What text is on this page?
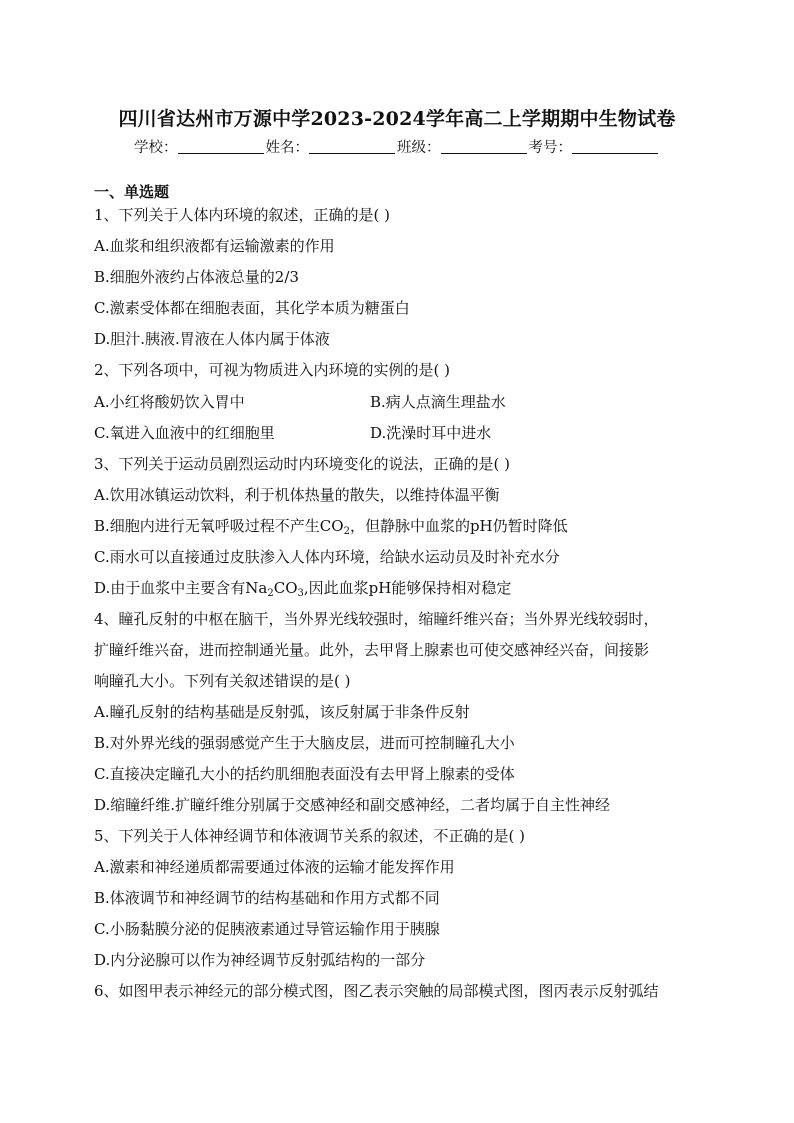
四川省达州市万源中学2023-2024学年高二上学期期中生物试卷
学校：	姓名：	班级：	考号：
一、单选题
1、下列关于人体内环境的叙述，正确的是( )
A.血浆和组织液都有运输激素的作用
B.细胞外液约占体液总量的2/3
C.激素受体都在细胞表面，其化学本质为糖蛋白
D.胆汁.胰液.胃液在人体内属于体液
2、下列各项中，可视为物质进入内环境的实例的是( )
A.小红将酸奶饮入胃中	B.病人点滴生理盐水
C.氧进入血液中的红细胞里	D.洗澡时耳中进水
3、下列关于运动员剧烈运动时内环境变化的说法，正确的是( )
A.饮用冰镇运动饮料，利于机体热量的散失，以维持体温平衡
B.细胞内进行无氧呼吸过程不产生$CO_2$，但静脉中血浆的pH仍暂时降低
C.雨水可以直接通过皮肤渗入人体内环境，给缺水运动员及时补充水分
D.由于血浆中主要含有$Na_2CO_3$,因此血浆pH能够保持相对稳定
4、瞳孔反射的中枢在脑干，当外界光线较强时，缩瞳纤维兴奋；当外界光线较弱时，
扩瞳纤维兴奋，进而控制通光量。此外，去甲肾上腺素也可使交感神经兴奋，间接影
响瞳孔大小。下列有关叙述错误的是( )
A.瞳孔反射的结构基础是反射弧，该反射属于非条件反射
B.对外界光线的强弱感觉产生于大脑皮层，进而可控制瞳孔大小
C.直接决定瞳孔大小的括约肌细胞表面没有去甲肾上腺素的受体
D.缩瞳纤维.扩瞳纤维分别属于交感神经和副交感神经，二者均属于自主性神经
5、下列关于人体神经调节和体液调节关系的叙述，不正确的是( )
A.激素和神经递质都需要通过体液的运输才能发挥作用
B.体液调节和神经调节的结构基础和作用方式都不同
C.小肠黏膜分泌的促胰液素通过导管运输作用于胰腺
D.内分泌腺可以作为神经调节反射弧结构的一部分
6、如图甲表示神经元的部分模式图，图乙表示突触的局部模式图，图丙表示反射弧结
